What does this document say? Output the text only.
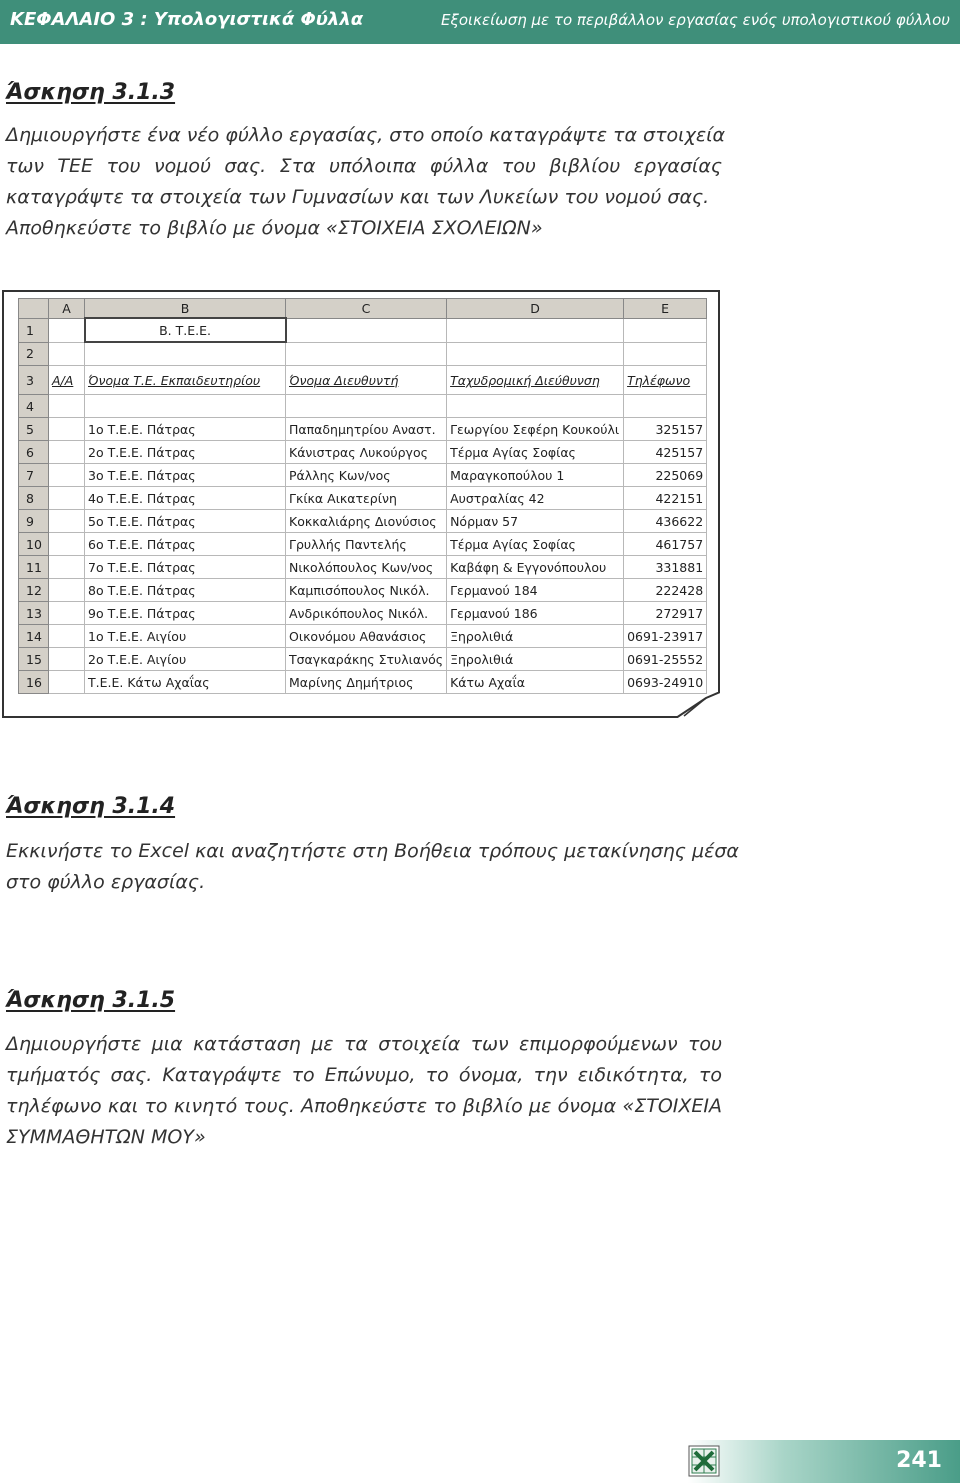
ΚΕΦΑΛΑΙΟ 3 : Υπολογιστικά Φύλλα	Εξοικείωση με το περιβάλλον εργασίας ενός υπολογιστικού φύλλου
Άσκηση 3.1.3
Δημιουργήστε ένα νέο φύλλο εργασίας, στο οποίο καταγράψτε τα στοιχεία
των ΤΕΕ του νομού σας. Στα υπόλοιπα φύλλα του βιβλίου εργασίας
καταγράψτε τα στοιχεία των Γυμνασίων και των Λυκείων του νομού σας.
Αποθηκεύστε το βιβλίο με όνομα «ΣΤΟΙΧΕΙΑ ΣΧΟΛΕΙΩΝ»
	A	B	C	D	E
1		Β. Τ.Ε.Ε.			
2					
3	Α/Α	Όνομα Τ.Ε. Εκπαιδευτηρίου	Όνομα Διευθυντή	Ταχυδρομική Διεύθυνση	Τηλέφωνο
4					
5		1ο Τ.Ε.Ε. Πάτρας	Παπαδημητρίου Αναστ.	Γεωργίου Σεφέρη Κουκούλι	325157
6		2ο Τ.Ε.Ε. Πάτρας	Κάνιστρας Λυκούργος	Τέρμα Αγίας Σοφίας	425157
7		3ο Τ.Ε.Ε. Πάτρας	Ράλλης Κων/νος	Μαραγκοπούλου 1	225069
8		4ο Τ.Ε.Ε. Πάτρας	Γκίκα Αικατερίνη	Αυστραλίας 42	422151
9		5ο Τ.Ε.Ε. Πάτρας	Κοκκαλιάρης Διονύσιος	Νόρμαν 57	436622
10		6ο Τ.Ε.Ε. Πάτρας	Γρυλλής Παντελής	Τέρμα Αγίας Σοφίας	461757
11		7ο Τ.Ε.Ε. Πάτρας	Νικολόπουλος Κων/νος	Καβάφη & Εγγονόπουλου	331881
12		8ο Τ.Ε.Ε. Πάτρας	Καμπισόπουλος Νικόλ.	Γερμανού 184	222428
13		9ο Τ.Ε.Ε. Πάτρας	Ανδρικόπουλος Νικόλ.	Γερμανού 186	272917
14		1ο Τ.Ε.Ε. Αιγίου	Οικονόμου Αθανάσιος	Ξηρολιθιά	0691-23917
15		2ο Τ.Ε.Ε. Αιγίου	Τσαγκαράκης Στυλιανός	Ξηρολιθιά	0691-25552
16		Τ.Ε.Ε. Κάτω Αχαΐας	Μαρίνης Δημήτριος	Κάτω Αχαΐα	0693-24910
Άσκηση 3.1.4
Εκκινήστε το Excel και αναζητήστε στη Βοήθεια τρόπους μετακίνησης μέσα
στο φύλλο εργασίας.
Άσκηση 3.1.5
Δημιουργήστε μια κατάσταση με τα στοιχεία των επιμορφούμενων του
τμήματός σας. Καταγράψτε το Επώνυμο, το όνομα, την ειδικότητα, το
τηλέφωνο και το κινητό τους. Αποθηκεύστε το βιβλίο με όνομα «ΣΤΟΙΧΕΙΑ
ΣΥΜΜΑΘΗΤΩΝ ΜΟΥ»
241
